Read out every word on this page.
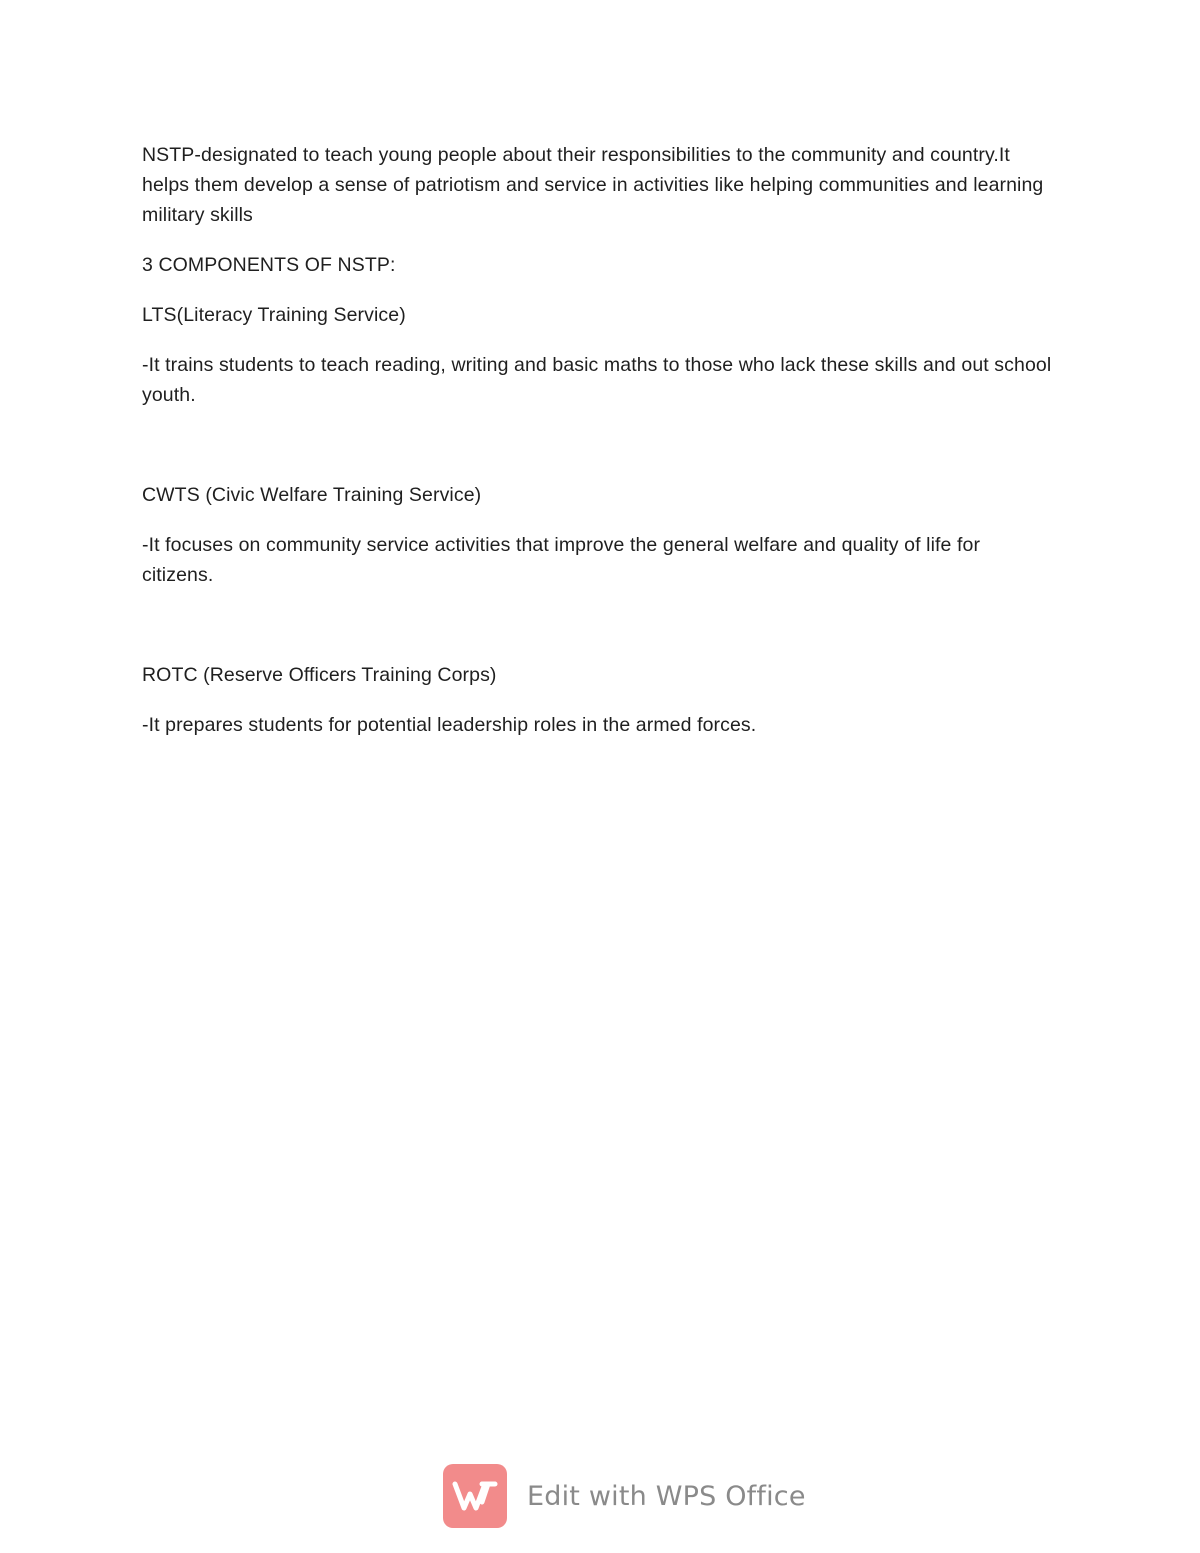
NSTP-designated to teach young people about their responsibilities to the community and country.It helps them develop a sense of patriotism and service in activities like helping communities and learning military skills

3 COMPONENTS OF NSTP:

LTS(Literacy Training Service)

-It trains students to teach reading, writing and basic maths to those who lack these skills and out school youth.

CWTS (Civic Welfare Training Service)

-It focuses on community service activities that improve the general welfare and quality of life for citizens.

ROTC (Reserve Officers Training Corps)

-It prepares students for potential leadership roles in the armed forces.

Edit with WPS Office
